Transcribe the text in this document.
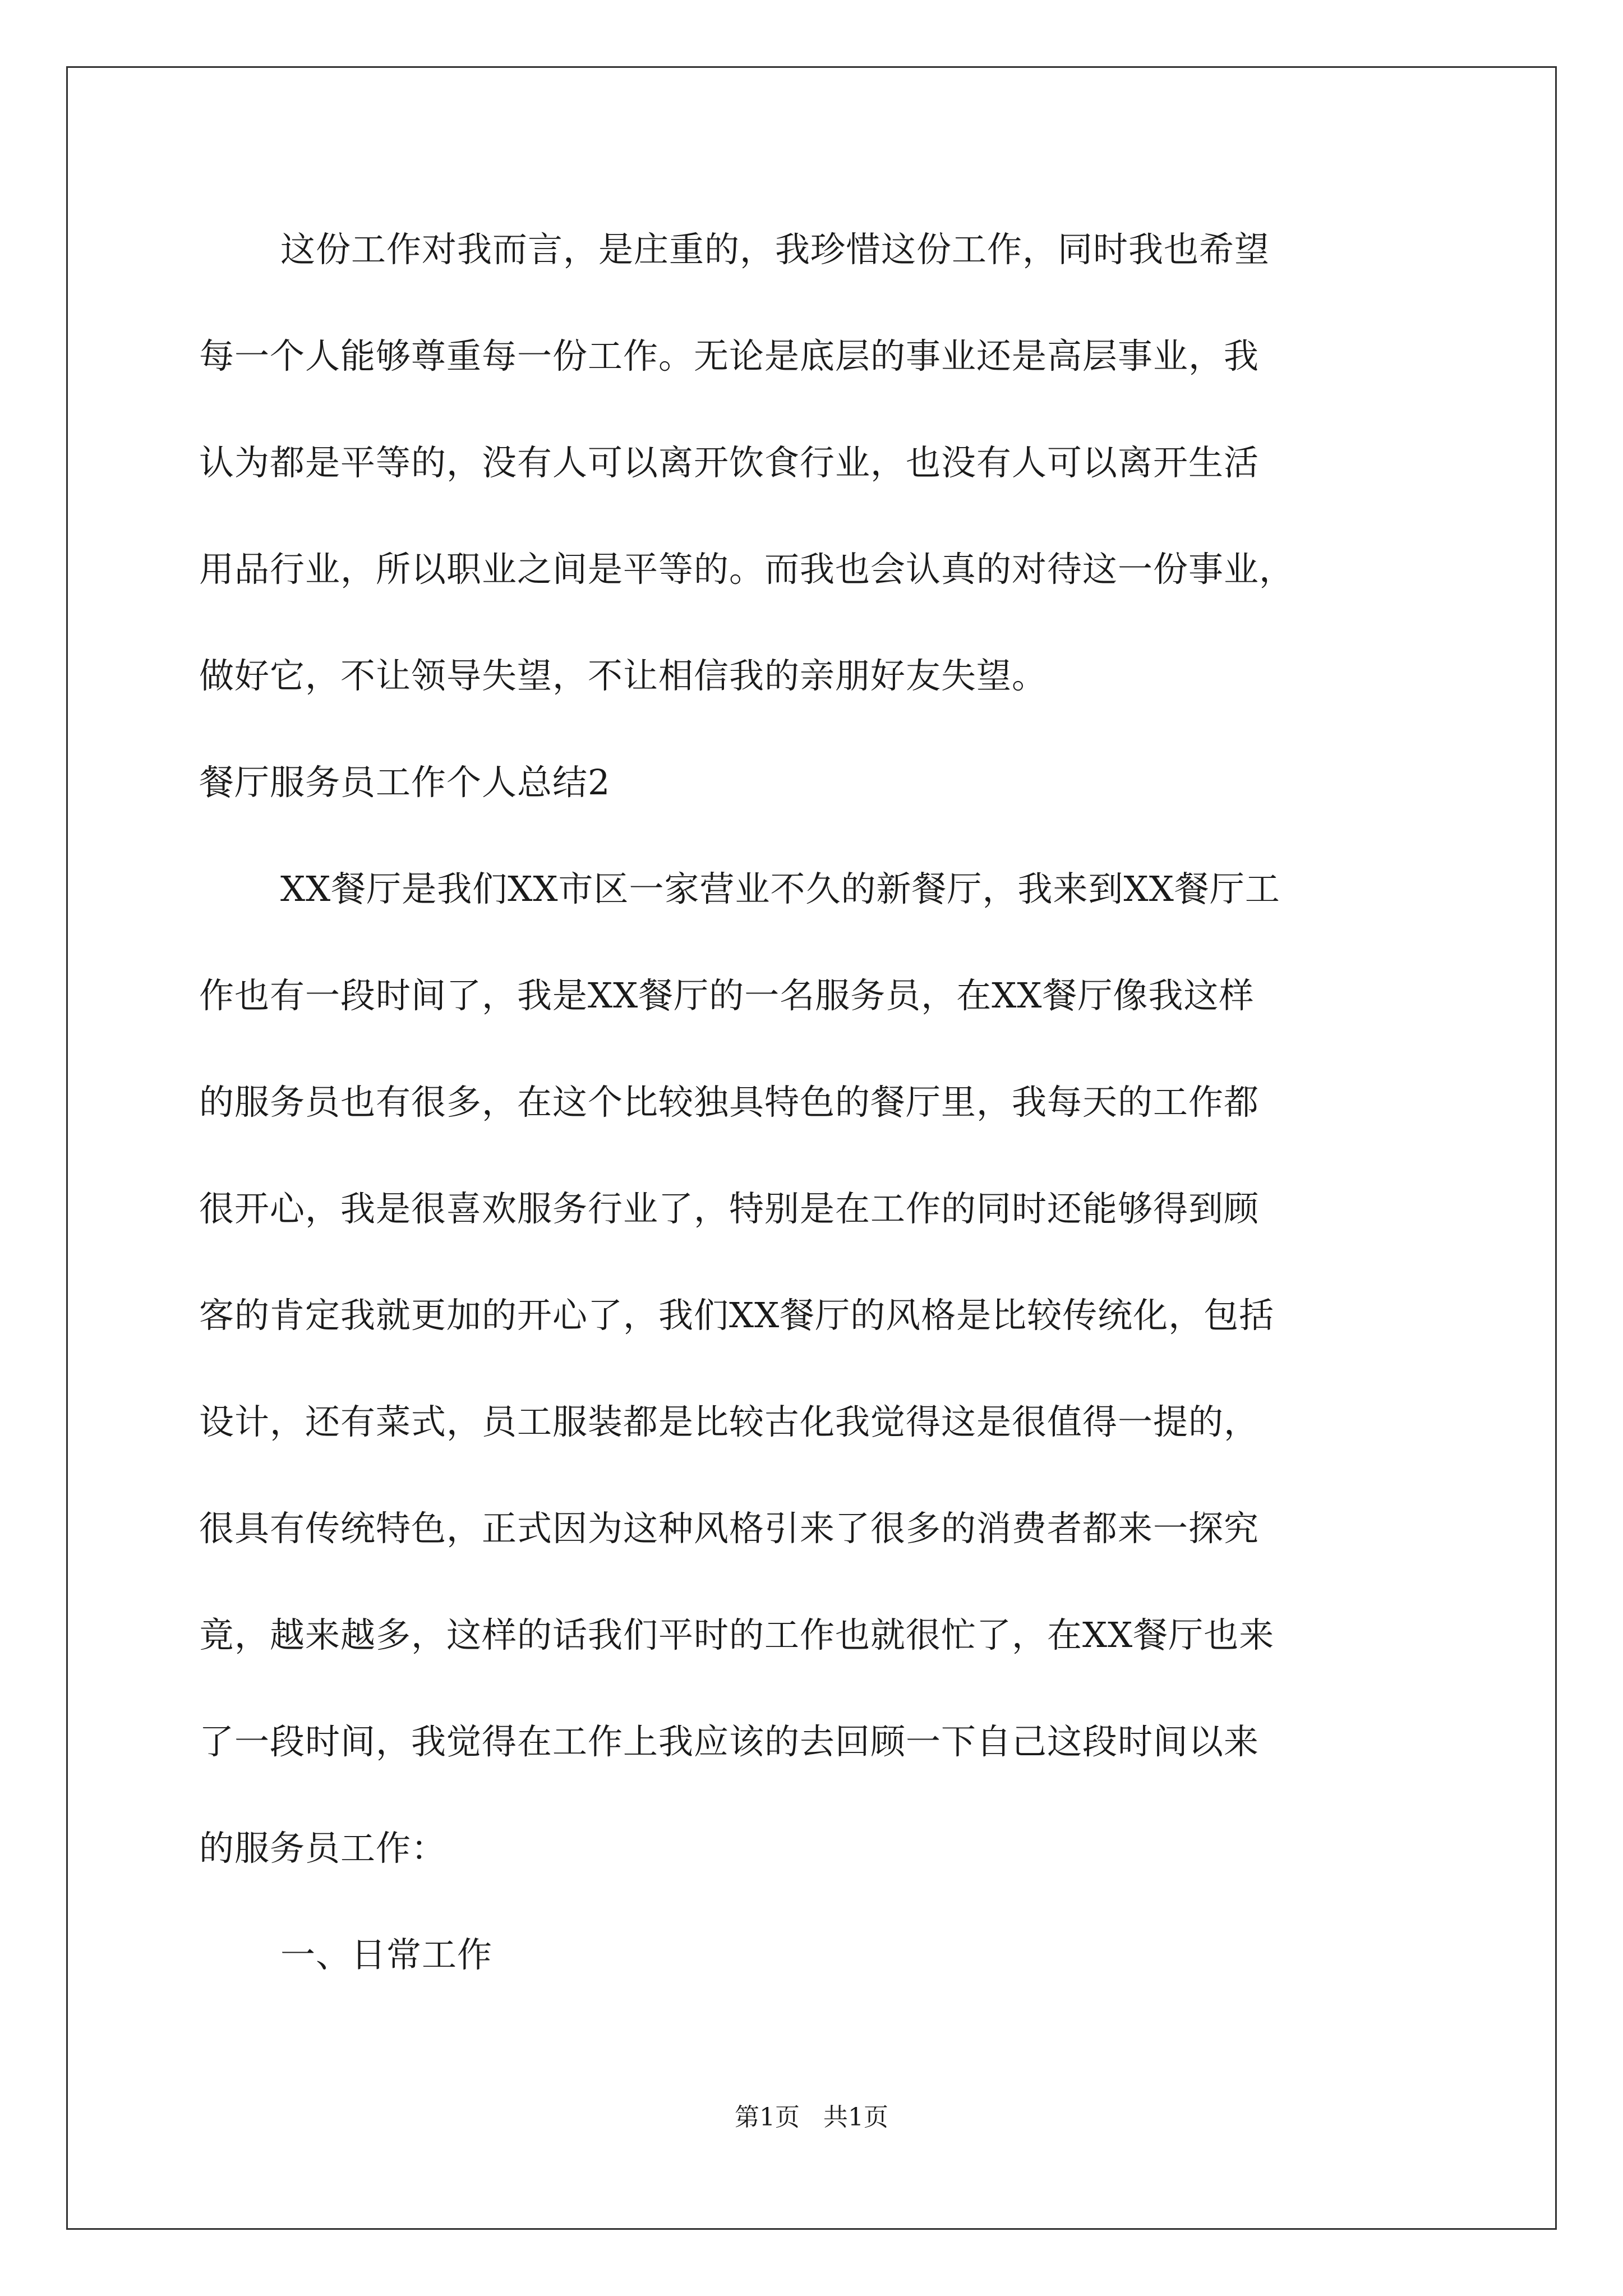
这份工作对我而言，是庄重的，我珍惜这份工作，同时我也希望
每一个人能够尊重每一份工作。无论是底层的事业还是高层事业，我
认为都是平等的，没有人可以离开饮食行业，也没有人可以离开生活
用品行业，所以职业之间是平等的。而我也会认真的对待这一份事业，
做好它，不让领导失望，不让相信我的亲朋好友失望。
餐厅服务员工作个人总结2
XX餐厅是我们XX市区一家营业不久的新餐厅，我来到XX餐厅工
作也有一段时间了，我是XX餐厅的一名服务员，在XX餐厅像我这样
的服务员也有很多，在这个比较独具特色的餐厅里，我每天的工作都
很开心，我是很喜欢服务行业了，特别是在工作的同时还能够得到顾
客的肯定我就更加的开心了，我们XX餐厅的风格是比较传统化，包括
设计，还有菜式，员工服装都是比较古化我觉得这是很值得一提的，
很具有传统特色，正式因为这种风格引来了很多的消费者都来一探究
竟，越来越多，这样的话我们平时的工作也就很忙了，在XX餐厅也来
了一段时间，我觉得在工作上我应该的去回顾一下自己这段时间以来
的服务员工作：
一、日常工作
第1页 共1页
